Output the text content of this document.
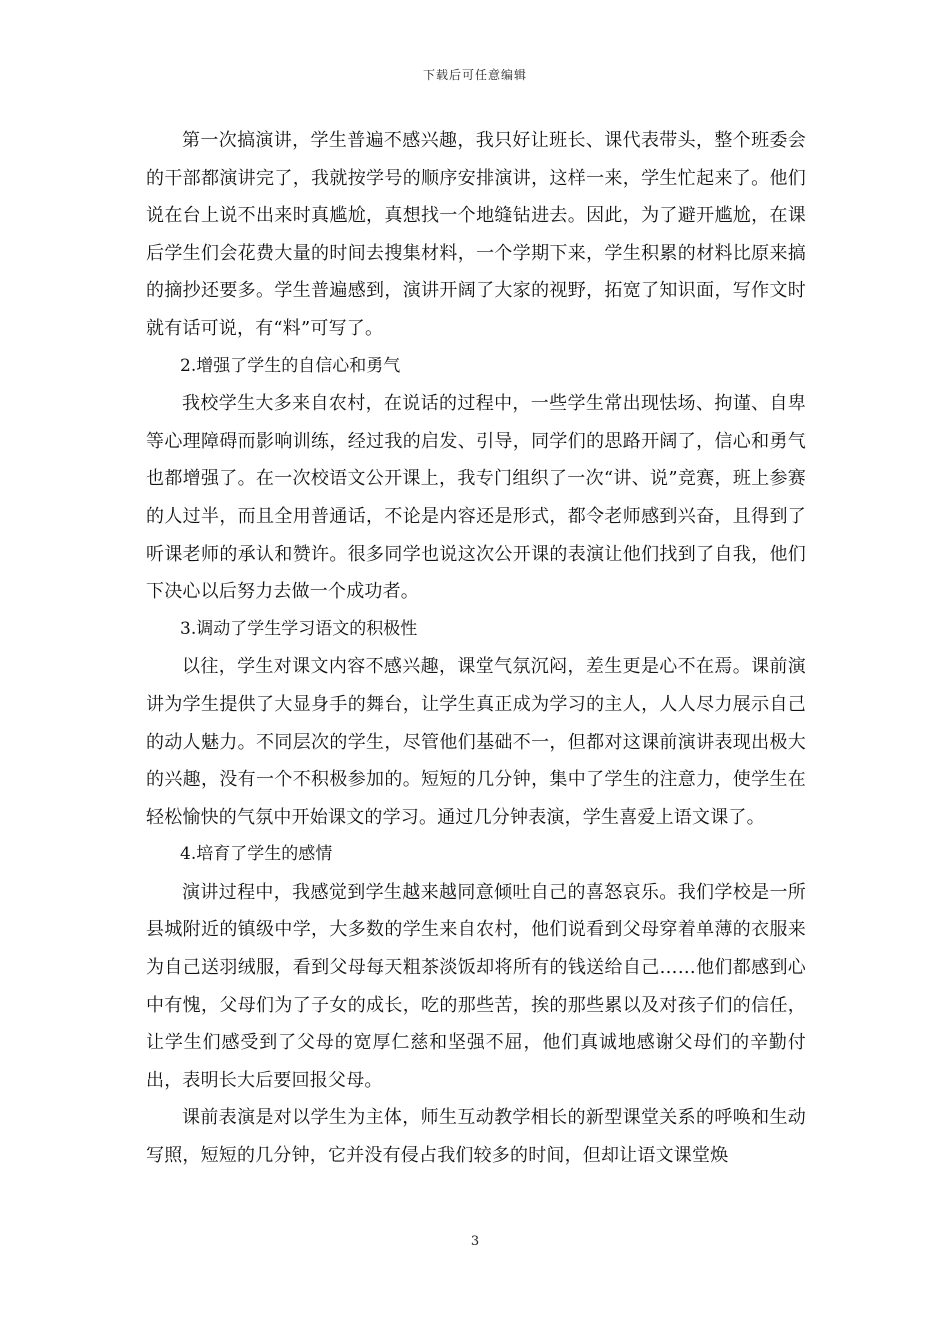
下载后可任意编辑

第一次搞演讲，学生普遍不感兴趣，我只好让班长、课代表带头，整个班委会的干部都演讲完了，我就按学号的顺序安排演讲，这样一来，学生忙起来了。他们说在台上说不出来时真尴尬，真想找一个地缝钻进去。因此，为了避开尴尬，在课后学生们会花费大量的时间去搜集材料，一个学期下来，学生积累的材料比原来搞的摘抄还要多。学生普遍感到，演讲开阔了大家的视野，拓宽了知识面，写作文时就有话可说，有“料”可写了。

2.增强了学生的自信心和勇气

我校学生大多来自农村，在说话的过程中，一些学生常出现怯场、拘谨、自卑等心理障碍而影响训练，经过我的启发、引导，同学们的思路开阔了，信心和勇气也都增强了。在一次校语文公开课上，我专门组织了一次“讲、说”竞赛，班上参赛的人过半，而且全用普通话，不论是内容还是形式，都令老师感到兴奋，且得到了听课老师的承认和赞许。很多同学也说这次公开课的表演让他们找到了自我，他们下决心以后努力去做一个成功者。

3.调动了学生学习语文的积极性

以往，学生对课文内容不感兴趣，课堂气氛沉闷，差生更是心不在焉。课前演讲为学生提供了大显身手的舞台，让学生真正成为学习的主人，人人尽力展示自己的动人魅力。不同层次的学生，尽管他们基础不一，但都对这课前演讲表现出极大的兴趣，没有一个不积极参加的。短短的几分钟，集中了学生的注意力，使学生在轻松愉快的气氛中开始课文的学习。通过几分钟表演，学生喜爱上语文课了。

4.培育了学生的感情

演讲过程中，我感觉到学生越来越同意倾吐自己的喜怒哀乐。我们学校是一所县城附近的镇级中学，大多数的学生来自农村，他们说看到父母穿着单薄的衣服来为自己送羽绒服，看到父母每天粗茶淡饭却将所有的钱送给自己……他们都感到心中有愧，父母们为了子女的成长，吃的那些苦，挨的那些累以及对孩子们的信任，让学生们感受到了父母的宽厚仁慈和坚强不屈，他们真诚地感谢父母们的辛勤付出，表明长大后要回报父母。

课前表演是对以学生为主体，师生互动教学相长的新型课堂关系的呼唤和生动写照，短短的几分钟，它并没有侵占我们较多的时间，但却让语文课堂焕

3
